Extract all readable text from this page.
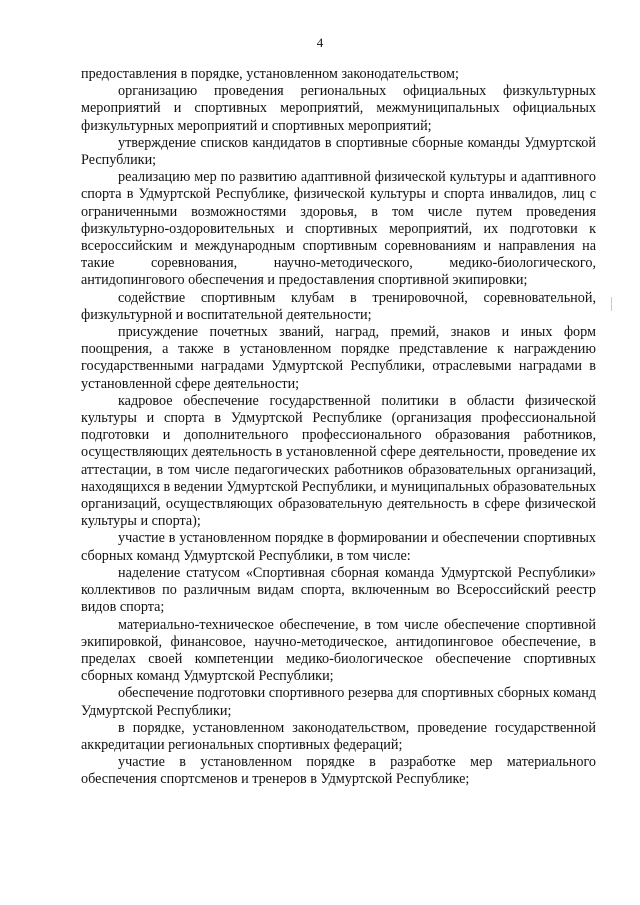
4

предоставления в порядке, установленном законодательством;

организацию проведения региональных официальных физкультурных мероприятий и спортивных мероприятий, межмуниципальных официальных физкультурных мероприятий и спортивных мероприятий;

утверждение списков кандидатов в спортивные сборные команды Удмуртской Республики;

реализацию мер по развитию адаптивной физической культуры и адаптивного спорта в Удмуртской Республике, физической культуры и спорта инвалидов, лиц с ограниченными возможностями здоровья, в том числе путем проведения физкультурно-оздоровительных и спортивных мероприятий, их подготовки к всероссийским и международным спортивным соревнованиям и направления на такие соревнования, научно-методического, медико-биологического, антидопингового обеспечения и предоставления спортивной экипировки;

содействие спортивным клубам в тренировочной, соревновательной, физкультурной и воспитательной деятельности;

присуждение почетных званий, наград, премий, знаков и иных форм поощрения, а также в установленном порядке представление к награждению государственными наградами Удмуртской Республики, отраслевыми наградами в установленной сфере деятельности;

кадровое обеспечение государственной политики в области физической культуры и спорта в Удмуртской Республике (организация профессиональной подготовки и дополнительного профессионального образования работников, осуществляющих деятельность в установленной сфере деятельности, проведение их аттестации, в том числе педагогических работников образовательных организаций, находящихся в ведении Удмуртской Республики, и муниципальных образовательных организаций, осуществляющих образовательную деятельность в сфере физической культуры и спорта);

участие в установленном порядке в формировании и обеспечении спортивных сборных команд Удмуртской Республики, в том числе:

наделение статусом «Спортивная сборная команда Удмуртской Республики» коллективов по различным видам спорта, включенным во Всероссийский реестр видов спорта;

материально-техническое обеспечение, в том числе обеспечение спортивной экипировкой, финансовое, научно-методическое, антидопинговое обеспечение, в пределах своей компетенции медико-биологическое обеспечение спортивных сборных команд Удмуртской Республики;

обеспечение подготовки спортивного резерва для спортивных сборных команд Удмуртской Республики;

в порядке, установленном законодательством, проведение государственной аккредитации региональных спортивных федераций;

участие в установленном порядке в разработке мер материального обеспечения спортсменов и тренеров в Удмуртской Республике;
